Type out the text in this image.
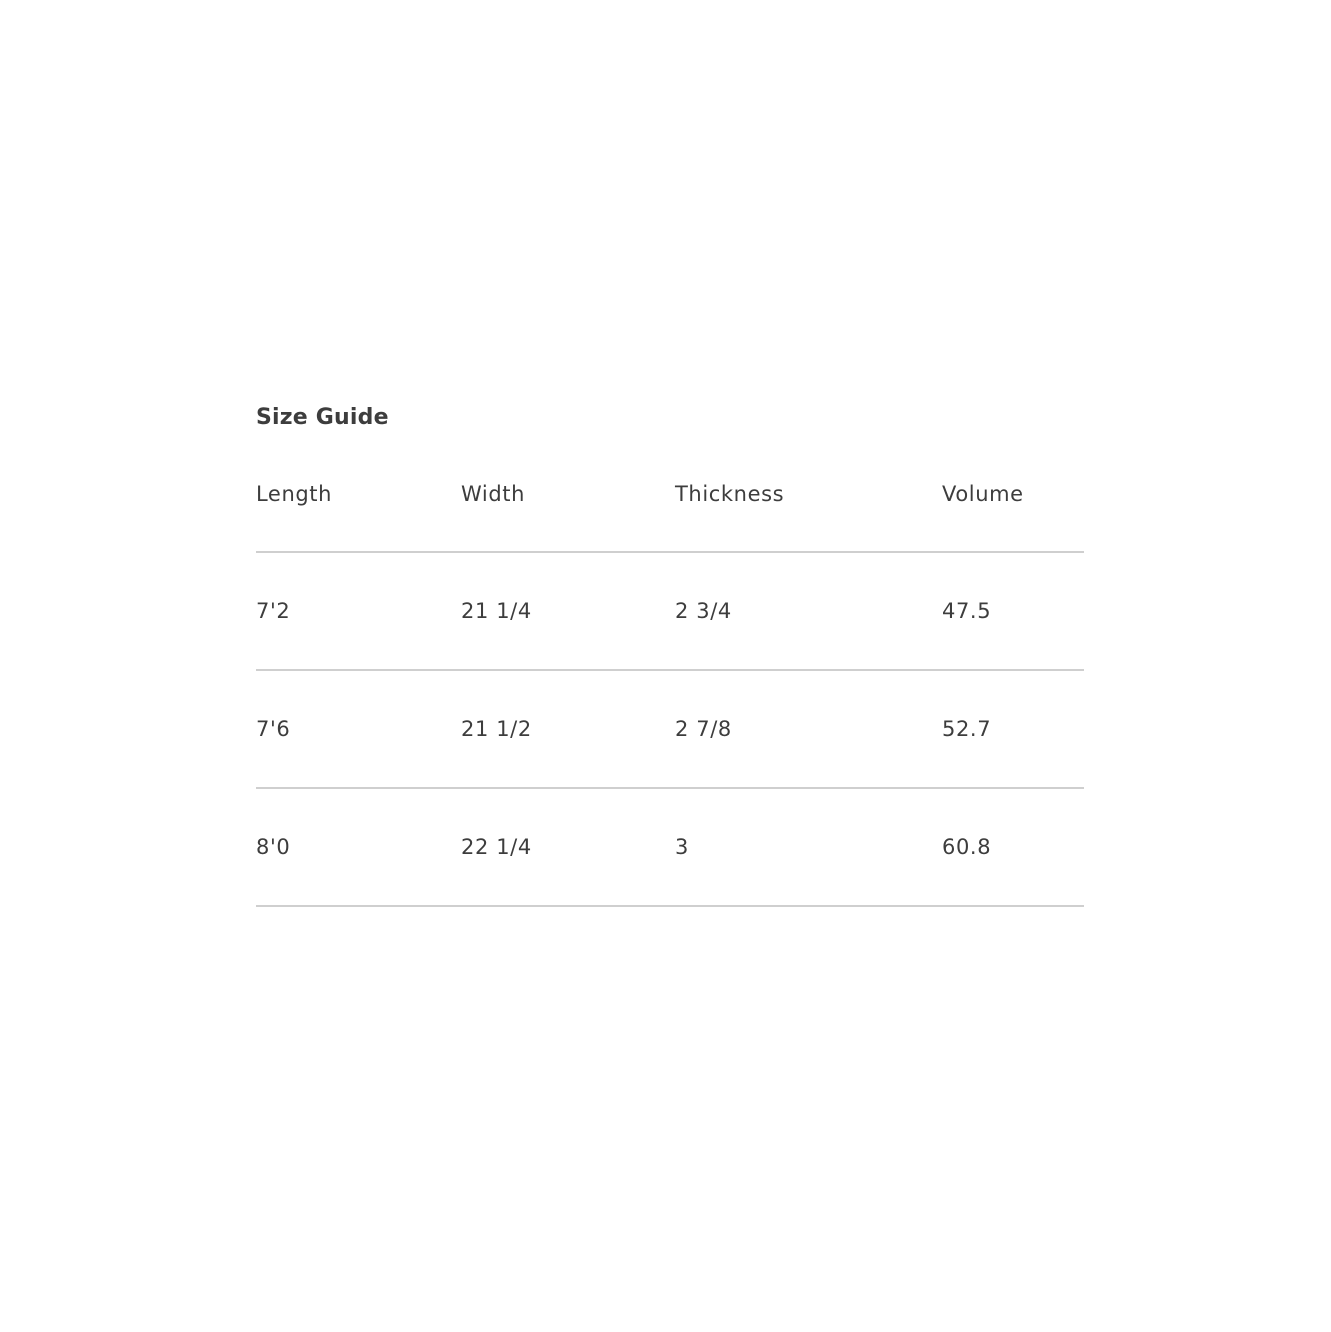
Size Guide
Length	Width	Thickness	Volume
7'2	21 1/4	2 3/4	47.5
7'6	21 1/2	2 7/8	52.7
8'0	22 1/4	3	60.8
